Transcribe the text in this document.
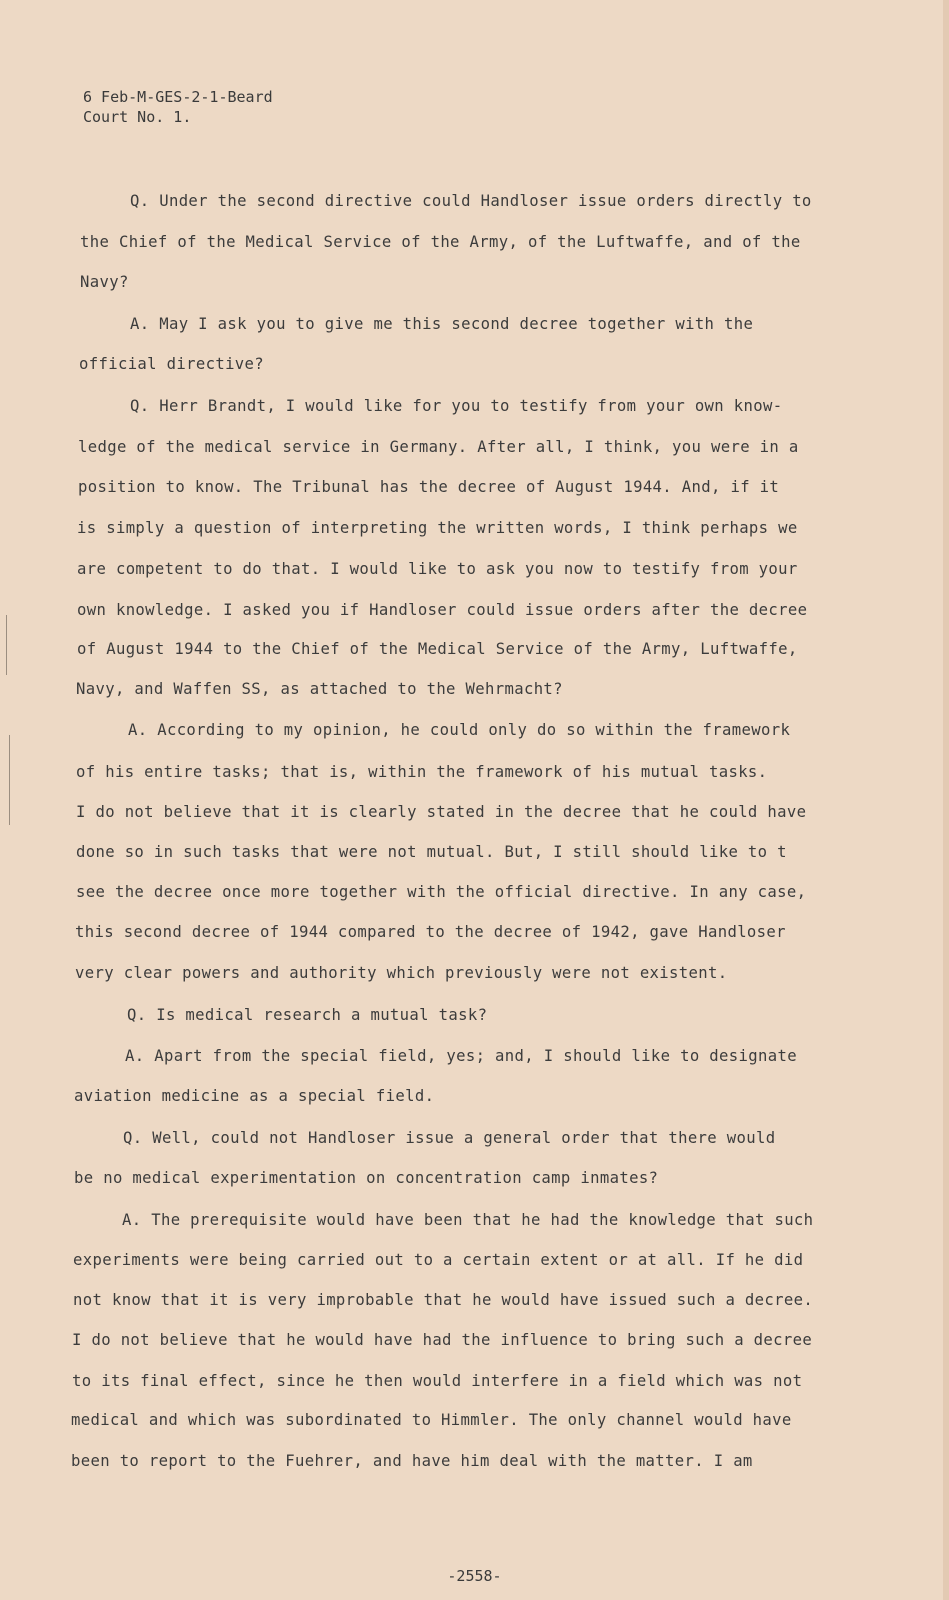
6 Feb-M-GES-2-1-Beard
Court No. 1.
Q. Under the second directive could Handloser issue orders directly to
the Chief of the Medical Service of the Army, of the Luftwaffe, and of the
Navy?
A. May I ask you to give me this second decree together with the
official directive?
Q. Herr Brandt, I would like for you to testify from your own know-
ledge of the medical service in Germany. After all, I think, you were in a
position to know. The Tribunal has the decree of August 1944. And, if it
is simply a question of interpreting the written words, I think perhaps we
are competent to do that. I would like to ask you now to testify from your
own knowledge. I asked you if Handloser could issue orders after the decree
of August 1944 to the Chief of the Medical Service of the Army, Luftwaffe,
Navy, and Waffen SS, as attached to the Wehrmacht?
A. According to my opinion, he could only do so within the framework
of his entire tasks; that is, within the framework of his mutual tasks.
I do not believe that it is clearly stated in the decree that he could have
done so in such tasks that were not mutual. But, I still should like to t
see the decree once more together with the official directive. In any case,
this second decree of 1944 compared to the decree of 1942, gave Handloser
very clear powers and authority which previously were not existent.
Q. Is medical research a mutual task?
A. Apart from the special field, yes; and, I should like to designate
aviation medicine as a special field.
Q. Well, could not Handloser issue a general order that there would
be no medical experimentation on concentration camp inmates?
A. The prerequisite would have been that he had the knowledge that such
experiments were being carried out to a certain extent or at all. If he did
not know that it is very improbable that he would have issued such a decree.
I do not believe that he would have had the influence to bring such a decree
to its final effect, since he then would interfere in a field which was not
medical and which was subordinated to Himmler. The only channel would have
been to report to the Fuehrer, and have him deal with the matter. I am
-2558-
